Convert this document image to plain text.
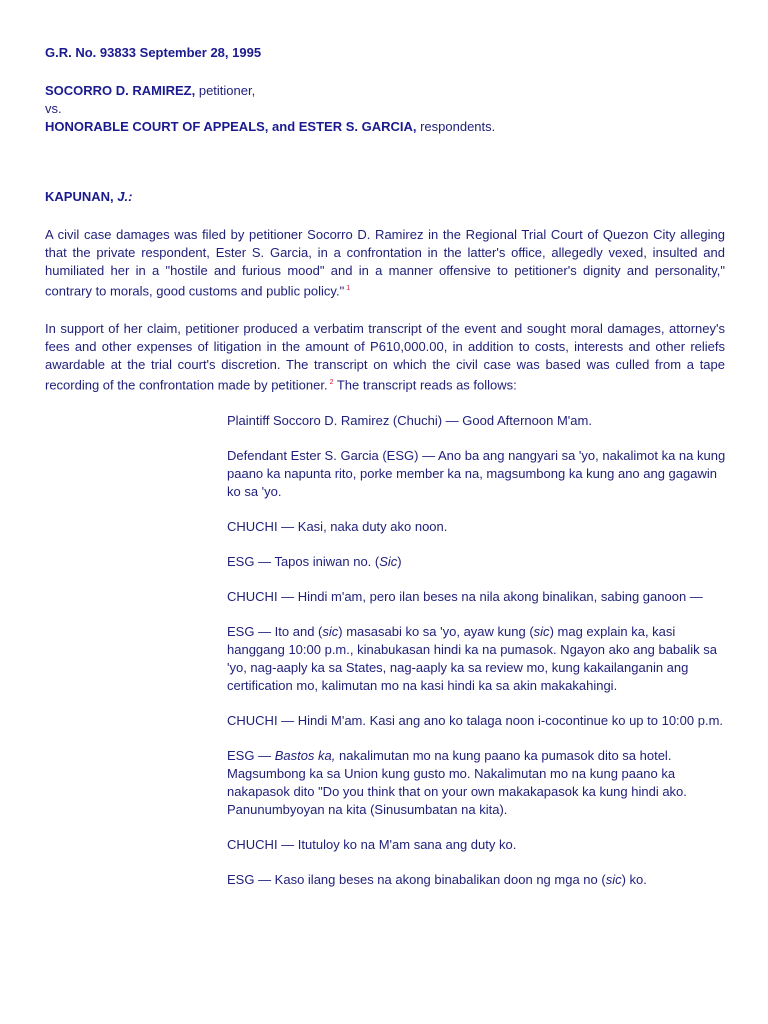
G.R. No. 93833 September 28, 1995
SOCORRO D. RAMIREZ, petitioner,
vs.
HONORABLE COURT OF APPEALS, and ESTER S. GARCIA, respondents.
KAPUNAN, J.:

A civil case damages was filed by petitioner Socorro D. Ramirez in the Regional Trial Court of Quezon City alleging that the private respondent, Ester S. Garcia, in a confrontation in the latter's office, allegedly vexed, insulted and humiliated her in a "hostile and furious mood" and in a manner offensive to petitioner's dignity and personality," contrary to morals, good customs and public policy." $^1$

In support of her claim, petitioner produced a verbatim transcript of the event and sought moral damages, attorney's fees and other expenses of litigation in the amount of P610,000.00, in addition to costs, interests and other reliefs awardable at the trial court's discretion. The transcript on which the civil case was based was culled from a tape recording of the confrontation made by petitioner. $^2$ The transcript reads as follows:

Plaintiff Soccoro D. Ramirez (Chuchi) — Good Afternoon M'am.

Defendant Ester S. Garcia (ESG) — Ano ba ang nangyari sa 'yo, nakalimot ka na kung paano ka napunta rito, porke member ka na, magsumbong ka kung ano ang gagawin ko sa 'yo.

CHUCHI — Kasi, naka duty ako noon.

ESG — Tapos iniwan no. (Sic)

CHUCHI — Hindi m'am, pero ilan beses na nila akong binalikan, sabing ganoon —

ESG — Ito and (sic) masasabi ko sa 'yo, ayaw kung (sic) mag explain ka, kasi hanggang 10:00 p.m., kinabukasan hindi ka na pumasok. Ngayon ako ang babalik sa 'yo, nag-aaply ka sa States, nag-aaply ka sa review mo, kung kakailanganin ang certification mo, kalimutan mo na kasi hindi ka sa akin makakahingi.

CHUCHI — Hindi M'am. Kasi ang ano ko talaga noon i-cocontinue ko up to 10:00 p.m.

ESG — Bastos ka, nakalimutan mo na kung paano ka pumasok dito sa hotel. Magsumbong ka sa Union kung gusto mo. Nakalimutan mo na kung paano ka nakapasok dito "Do you think that on your own makakapasok ka kung hindi ako. Panunumbyoyan na kita (Sinusumbatan na kita).

CHUCHI — Itutuloy ko na M'am sana ang duty ko.

ESG — Kaso ilang beses na akong binabalikan doon ng mga no (sic) ko.
